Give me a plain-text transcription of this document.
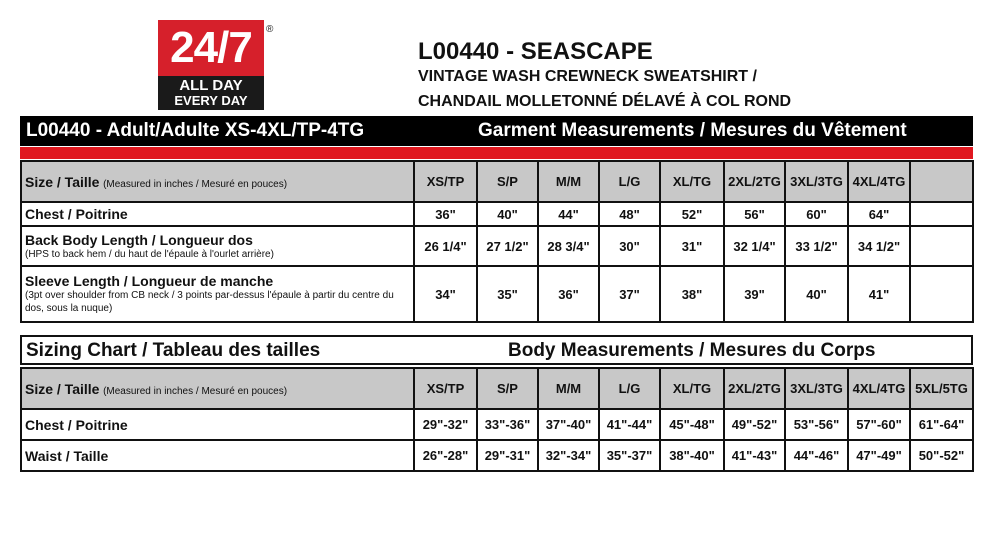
24/7
ALL DAY
EVERY DAY
®
L00440 - SEASCAPE
VINTAGE WASH CREWNECK SWEATSHIRT /
CHANDAIL MOLLETONNÉ DÉLAVÉ À COL ROND
L00440 - Adult/Adulte XS-4XL/TP-4TG	Garment Measurements / Mesures du Vêtement
Size / Taille (Measured in inches / Mesuré en pouces)	XS/TP	S/P	M/M	L/G	XL/TG	2XL/2TG	3XL/3TG	4XL/4TG	
Chest / Poitrine	36"	40"	44"	48"	52"	56"	60"	64"	
Back Body Length / Longueur dos
(HPS to back hem / du haut de l'épaule à l'ourlet arrière)	26 1/4"	27 1/2"	28 3/4"	30"	31"	32 1/4"	33 1/2"	34 1/2"	
Sleeve Length / Longueur de manche
(3pt over shoulder from CB neck / 3 points par-dessus l'épaule à partir du centre du dos, sous la nuque)	34"	35"	36"	37"	38"	39"	40"	41"	
Sizing Chart / Tableau des tailles	Body Measurements / Mesures du Corps
Size / Taille (Measured in inches / Mesuré en pouces)	XS/TP	S/P	M/M	L/G	XL/TG	2XL/2TG	3XL/3TG	4XL/4TG	5XL/5TG
Chest / Poitrine	29"-32"	33"-36"	37"-40"	41"-44"	45"-48"	49"-52"	53"-56"	57"-60"	61"-64"
Waist / Taille	26"-28"	29"-31"	32"-34"	35"-37"	38"-40"	41"-43"	44"-46"	47"-49"	50"-52"
